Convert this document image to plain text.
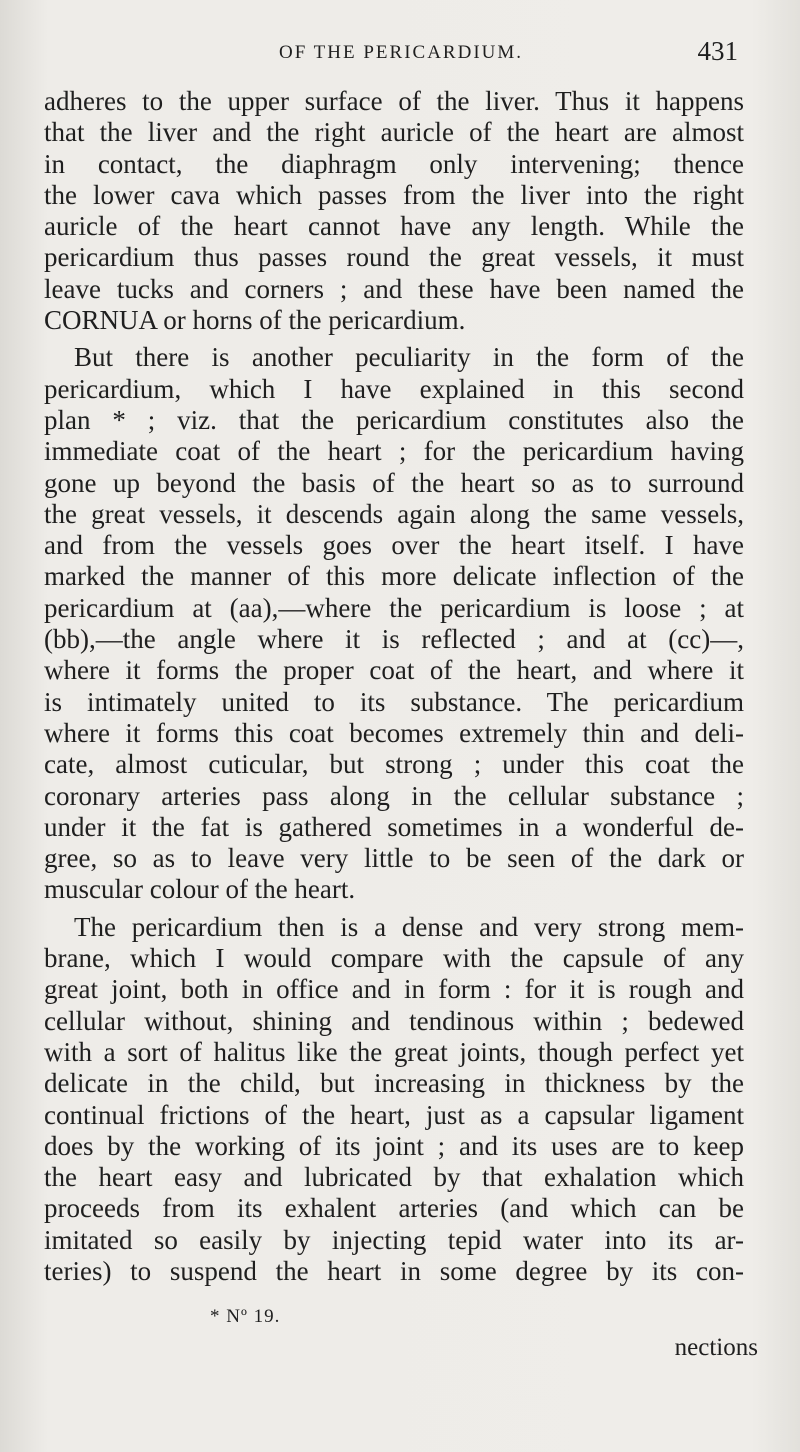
OF THE PERICARDIUM.	431
adheres to the upper surface of the liver. Thus it happens
that the liver and the right auricle of the heart are almost
in contact, the diaphragm only intervening; thence
the lower cava which passes from the liver into the right
auricle of the heart cannot have any length. While the
pericardium thus passes round the great vessels, it must
leave tucks and corners ; and these have been named the
CORNUA or horns of the pericardium.
But there is another peculiarity in the form of the
pericardium, which I have explained in this second
plan * ; viz. that the pericardium constitutes also the
immediate coat of the heart ; for the pericardium having
gone up beyond the basis of the heart so as to surround
the great vessels, it descends again along the same vessels,
and from the vessels goes over the heart itself. I have
marked the manner of this more delicate inflection of the
pericardium at (aa),—where the pericardium is loose ; at
(bb),—the angle where it is reflected ; and at (cc)—,
where it forms the proper coat of the heart, and where it
is intimately united to its substance. The pericardium
where it forms this coat becomes extremely thin and deli-
cate, almost cuticular, but strong ; under this coat the
coronary arteries pass along in the cellular substance ;
under it the fat is gathered sometimes in a wonderful de-
gree, so as to leave very little to be seen of the dark or
muscular colour of the heart.
The pericardium then is a dense and very strong mem-
brane, which I would compare with the capsule of any
great joint, both in office and in form : for it is rough and
cellular without, shining and tendinous within ; bedewed
with a sort of halitus like the great joints, though perfect yet
delicate in the child, but increasing in thickness by the
continual frictions of the heart, just as a capsular ligament
does by the working of its joint ; and its uses are to keep
the heart easy and lubricated by that exhalation which
proceeds from its exhalent arteries (and which can be
imitated so easily by injecting tepid water into its ar-
teries) to suspend the heart in some degree by its con-
* Nº 19.
nections
